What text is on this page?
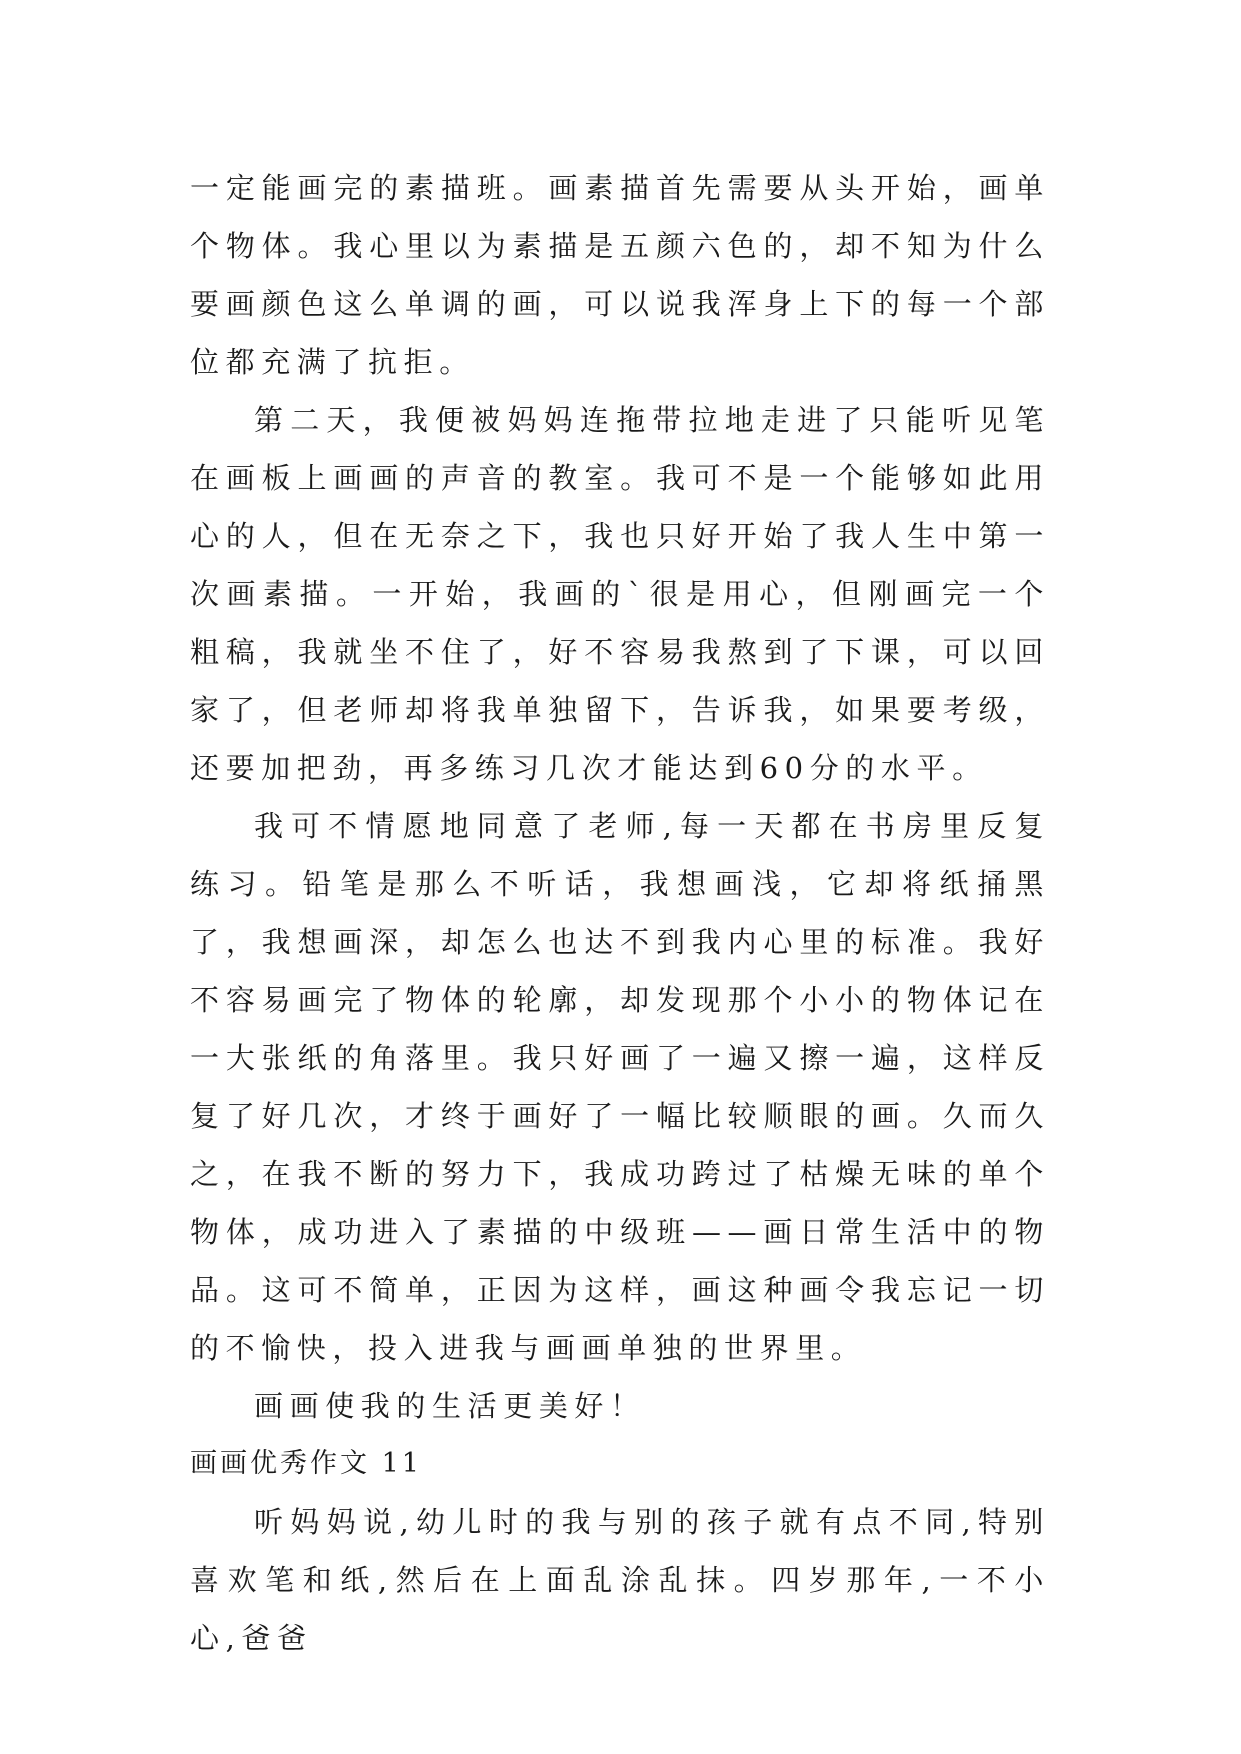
一定能画完的素描班。画素描首先需要从头开始，画单个物体。我心里以为素描是五颜六色的，却不知为什么要画颜色这么单调的画，可以说我浑身上下的每一个部位都充满了抗拒。

第二天，我便被妈妈连拖带拉地走进了只能听见笔在画板上画画的声音的教室。我可不是一个能够如此用心的人，但在无奈之下，我也只好开始了我人生中第一次画素描。一开始，我画的`很是用心，但刚画完一个粗稿，我就坐不住了，好不容易我熬到了下课，可以回家了，但老师却将我单独留下，告诉我，如果要考级，还要加把劲，再多练习几次才能达到60分的水平。

我可不情愿地同意了老师,每一天都在书房里反复练习。铅笔是那么不听话，我想画浅，它却将纸捅黑了，我想画深，却怎么也达不到我内心里的标准。我好不容易画完了物体的轮廓，却发现那个小小的物体记在一大张纸的角落里。我只好画了一遍又擦一遍，这样反复了好几次，才终于画好了一幅比较顺眼的画。久而久之，在我不断的努力下，我成功跨过了枯燥无味的单个物体，成功进入了素描的中级班——画日常生活中的物品。这可不简单，正因为这样，画这种画令我忘记一切的不愉快，投入进我与画画单独的世界里。

画画使我的生活更美好！

画画优秀作文 11

听妈妈说,幼儿时的我与别的孩子就有点不同,特别喜欢笔和纸,然后在上面乱涂乱抹。四岁那年,一不小心,爸爸
